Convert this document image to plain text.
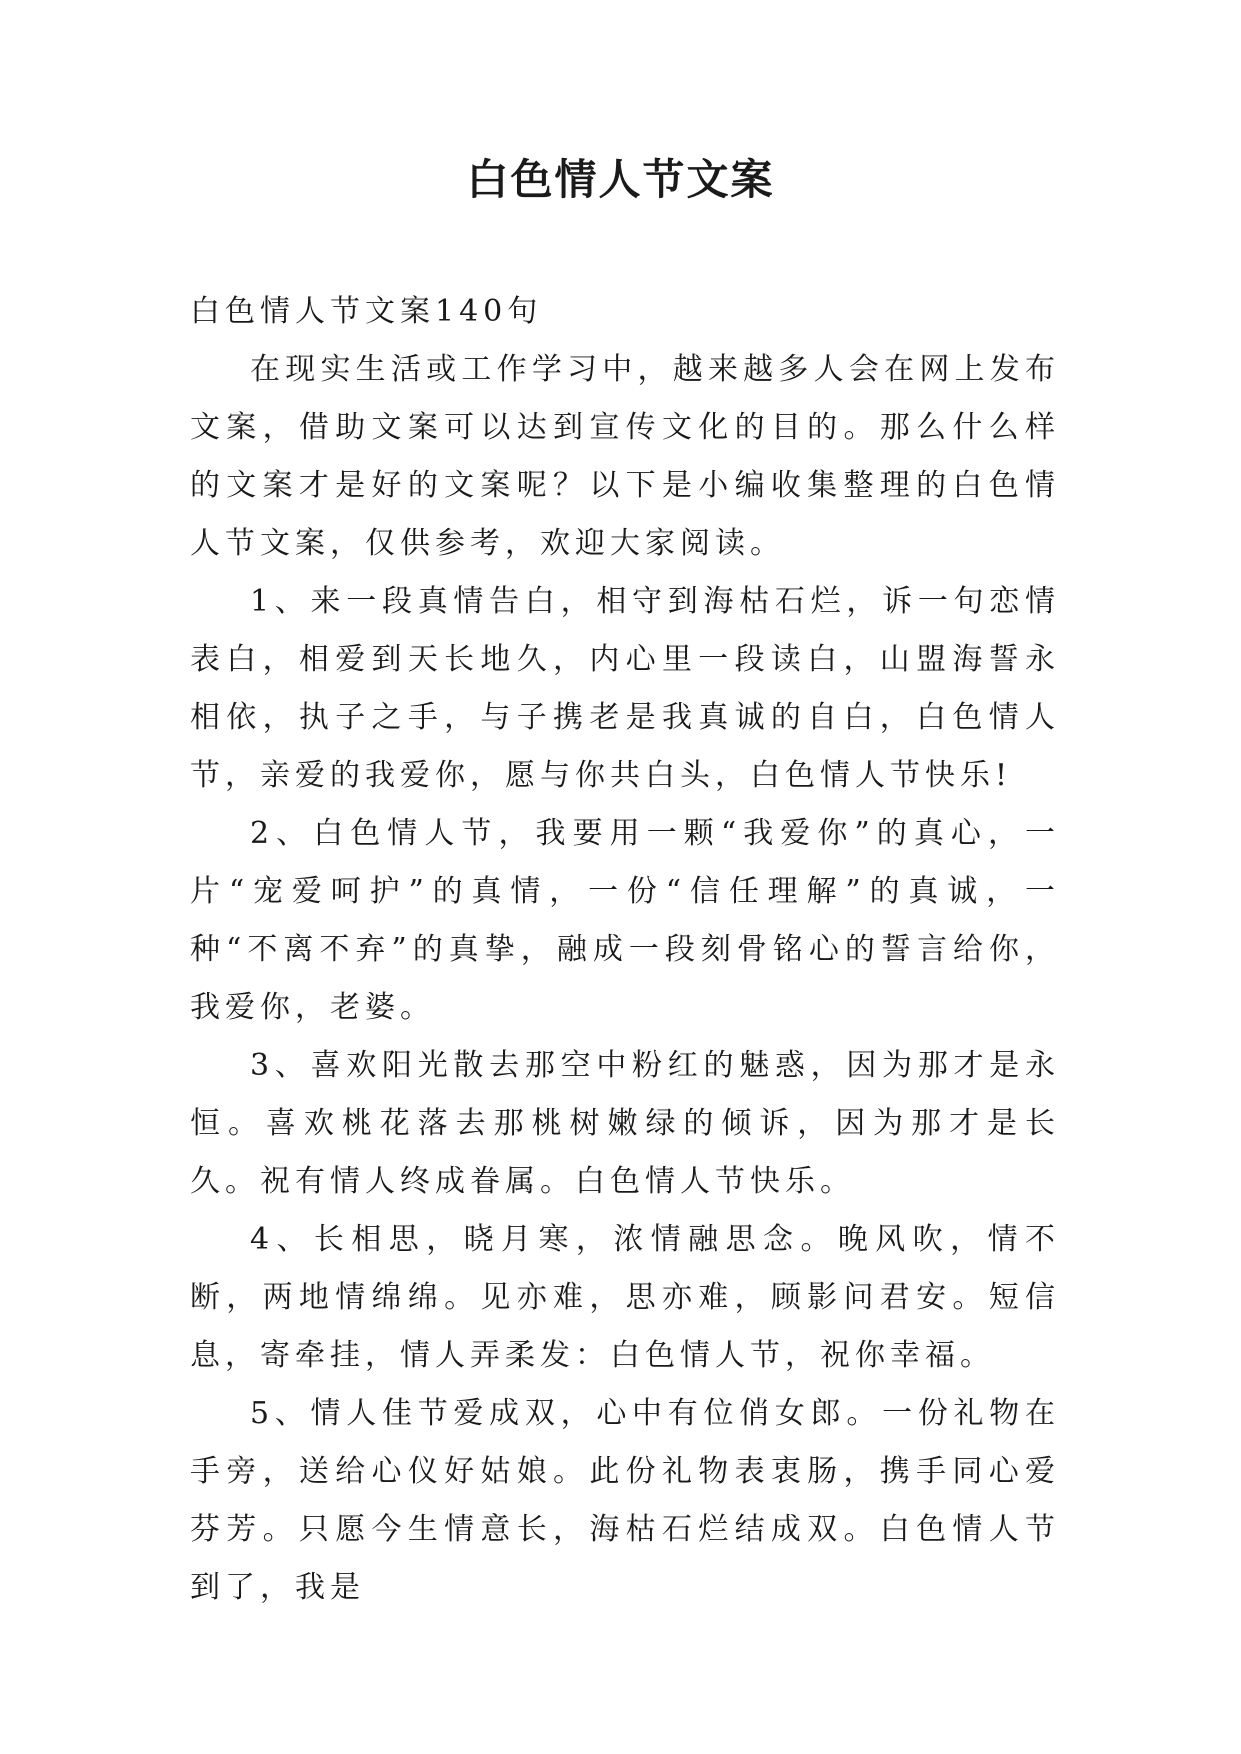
白色情人节文案

白色情人节文案140句

在现实生活或工作学习中，越来越多人会在网上发布文案，借助文案可以达到宣传文化的目的。那么什么样的文案才是好的文案呢？以下是小编收集整理的白色情人节文案，仅供参考，欢迎大家阅读。

1、来一段真情告白，相守到海枯石烂，诉一句恋情表白，相爱到天长地久，内心里一段读白，山盟海誓永相依，执子之手，与子携老是我真诚的自白，白色情人节，亲爱的我爱你，愿与你共白头，白色情人节快乐!

2、白色情人节，我要用一颗“我爱你”的真心，一片“宠爱呵护”的真情，一份“信任理解”的真诚，一种“不离不弃”的真挚，融成一段刻骨铭心的誓言给你，我爱你，老婆。

3、喜欢阳光散去那空中粉红的魅惑，因为那才是永恒。喜欢桃花落去那桃树嫩绿的倾诉，因为那才是长久。祝有情人终成眷属。白色情人节快乐。

4、长相思，晓月寒，浓情融思念。晚风吹，情不断，两地情绵绵。见亦难，思亦难，顾影问君安。短信息，寄牵挂，情人弄柔发：白色情人节，祝你幸福。

5、情人佳节爱成双，心中有位俏女郎。一份礼物在手旁，送给心仪好姑娘。此份礼物表衷肠，携手同心爱芬芳。只愿今生情意长，海枯石烂结成双。白色情人节到了，我是
